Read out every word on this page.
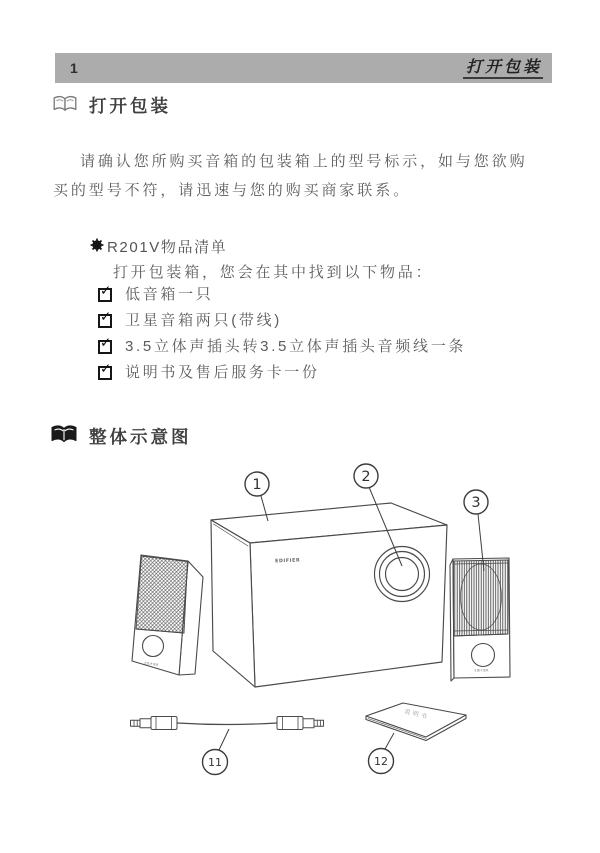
1	打开包装
打开包装
请确认您所购买音箱的包装箱上的型号标示，如与您欲购
买的型号不符，请迅速与您的购买商家联系。
R201V物品清单
打开包装箱，您会在其中找到以下物品：
✓ 低音箱一只
✓ 卫星音箱两只(带线)
✓ 3.5立体声插头转3.5立体声插头音频线一条
✓ 说明书及售后服务卡一份
整体示意图
EDIFIER
EDIFIER
EDIFIER
说明书
1	2
3
11	12
